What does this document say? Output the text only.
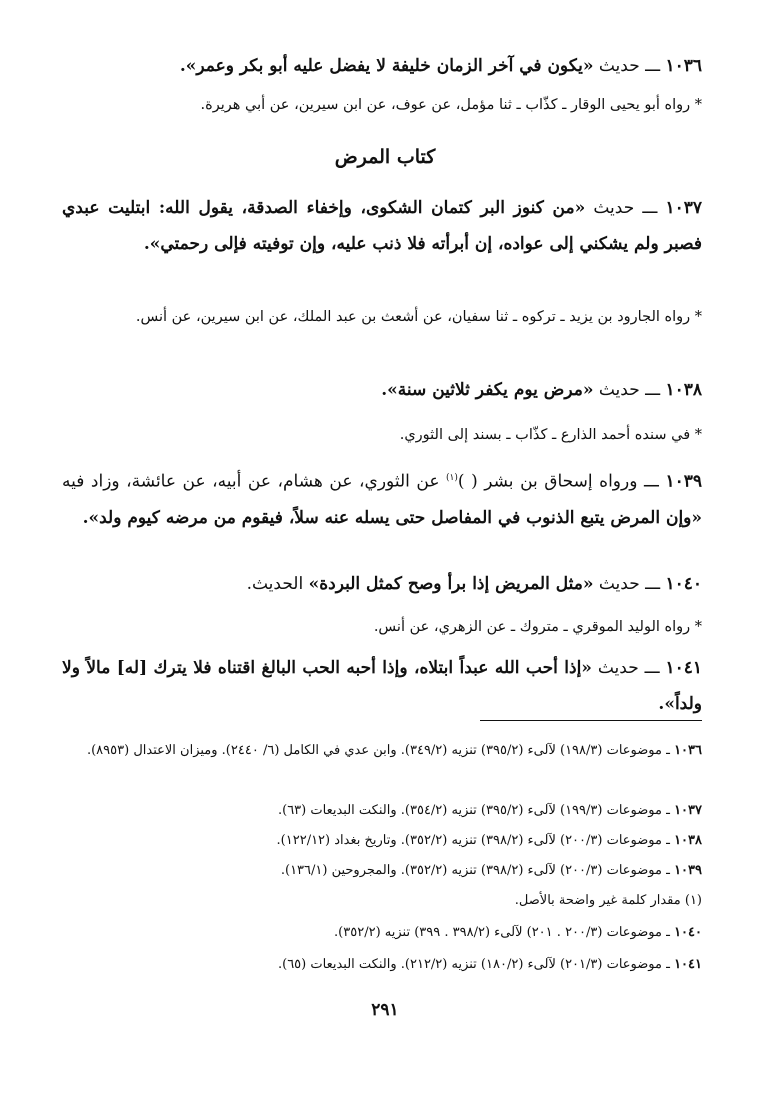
١٠٣٦ ـــ حديث «يكون في آخر الزمان خليفة لا يفضل عليه أبو بكر وعمر».
* رواه أبو يحيى الوقار ـ كذّاب ـ ثنا مؤمل، عن عوف، عن ابن سيرين، عن أبي هريرة.
كتاب المرض
١٠٣٧ ـــ حديث «من كنوز البر كتمان الشكوى، وإخفاء الصدقة، يقول الله: ابتليت عبدي فصبر ولم يشكني إلى عواده، إن أبرأته فلا ذنب عليه، وإن توفيته فإلى رحمتي».
* رواه الجارود بن يزيد ـ تركوه ـ ثنا سفيان، عن أشعث بن عبد الملك، عن ابن سيرين، عن أنس.
١٠٣٨ ـــ حديث «مرض يوم يكفر ثلاثين سنة».
* في سنده أحمد الذارع ـ كذّاب ـ بسند إلى الثوري.
١٠٣٩ ـــ ورواه إسحاق بن بشر ( )$^{(١)}$ عن الثوري، عن هشام، عن أبيه، عن عائشة، وزاد فيه «وإن المرض يتبع الذنوب في المفاصل حتى يسله عنه سلاً، فيقوم من مرضه كيوم ولد».
١٠٤٠ ـــ حديث «مثل المريض إذا برأ وصح كمثل البردة» الحديث.
* رواه الوليد الموقري ـ متروك ـ عن الزهري، عن أنس.
١٠٤١ ـــ حديث «إذا أحب الله عبداً ابتلاه، وإذا أحبه الحب البالغ اقتناه فلا يترك [له] مالاً ولا ولداً».
١٠٣٦ ـ موضوعات (١٩٨/٣) لآلىء (٣٩٥/٢) تنزيه (٣٤٩/٢). وابن عدي في الكامل (٦/ ٢٤٤٠). وميزان الاعتدال (٨٩٥٣).
١٠٣٧ ـ موضوعات (١٩٩/٣) لآلىء (٣٩٥/٢) تنزيه (٣٥٤/٢). والنكت البديعات (٦٣).
١٠٣٨ ـ موضوعات (٢٠٠/٣) لآلىء (٣٩٨/٢) تنزيه (٣٥٢/٢). وتاريخ بغداد (١٢٢/١٢).
١٠٣٩ ـ موضوعات (٢٠٠/٣) لآلىء (٣٩٨/٢) تنزيه (٣٥٢/٢). والمجروحين (١٣٦/١).
(١) مقدار كلمة غير واضحة بالأصل.
١٠٤٠ ـ موضوعات (٢٠٠/٣ . ٢٠١) لآلىء (٣٩٨/٢ . ٣٩٩) تنزيه (٣٥٢/٢).
١٠٤١ ـ موضوعات (٢٠١/٣) لآلىء (١٨٠/٢) تنزيه (٢١٢/٢). والنكت البديعات (٦٥).
٢٩١
